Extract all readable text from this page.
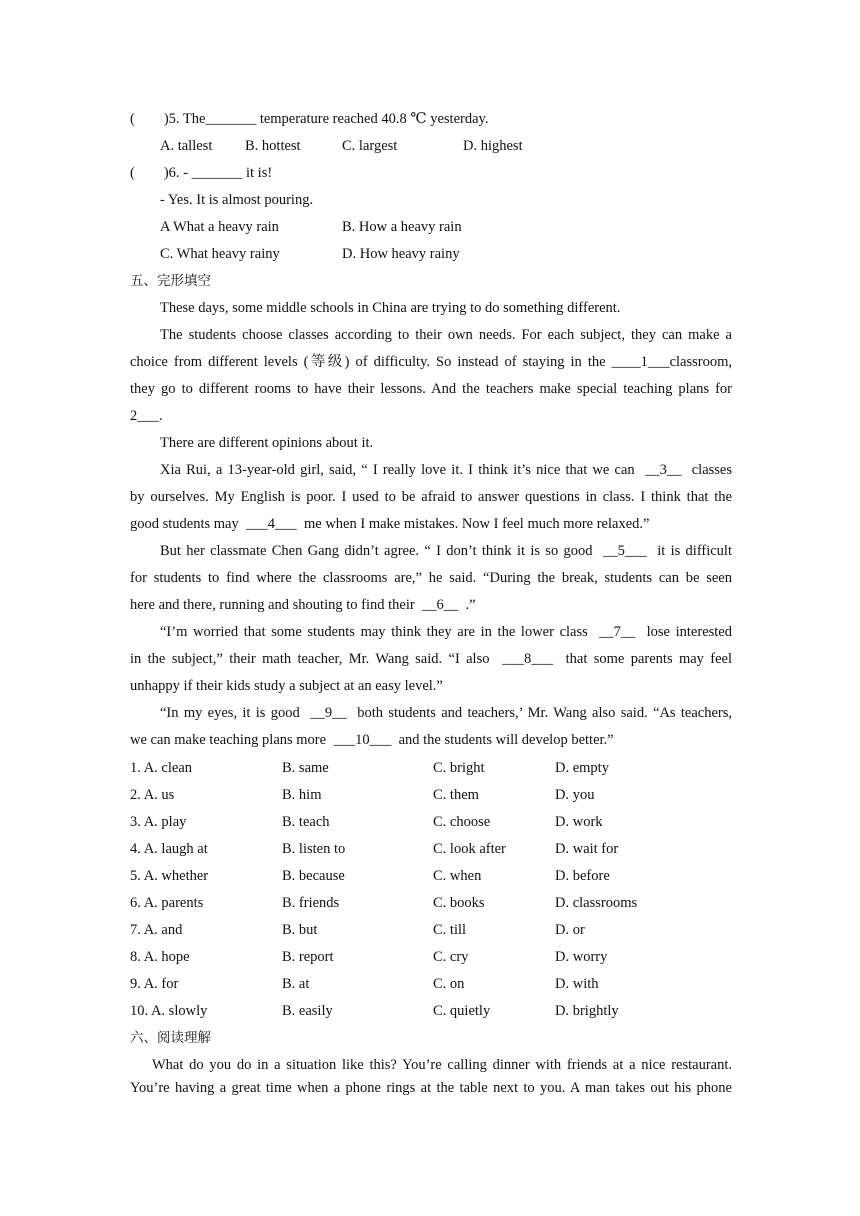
(        )5. The_______ temperature reached 40.8 ℃ yesterday.
A. tallest B. hottest	C. largest	D. highest
(        )6. - _______ it is!
- Yes. It is almost pouring.
A What a heavy rain	B. How a heavy rain
C. What heavy rainy	D. How heavy rainy
五、完形填空
These days, some middle schools in China are trying to do something different.
The students choose classes according to their own needs. For each subject, they can make a
choice from different levels (等级) of difficulty. So instead of staying in the ____1___classroom,
they go to different rooms to have their lessons. And the teachers make special teaching plans for
2___.
There are different opinions about it.
Xia Rui, a 13-year-old girl, said, “ I really love it. I think it’s nice that we can  __3__  classes
by ourselves. My English is poor. I used to be afraid to answer questions in class. I think that the
good students may  ___4___  me when I make mistakes. Now I feel much more relaxed.”
But her classmate Chen Gang didn’t agree. “ I don’t think it is so good  __5___  it is difficult
for students to find where the classrooms are,” he said. “During the break, students can be seen
here and there, running and shouting to find their  __6__  .”
“I’m worried that some students may think they are in the lower class  __7__  lose interested
in the subject,” their math teacher, Mr. Wang said. “I also  ___8___  that some parents may feel
unhappy if their kids study a subject at an easy level.”
“In my eyes, it is good  __9__  both students and teachers,’ Mr. Wang also said. “As teachers,
we can make teaching plans more  ___10___  and the students will develop better.”
1. A. clean	B. same	C. bright	D. empty
2. A. us	B. him	C. them	D. you
3. A. play	B. teach	C. choose	D. work
4. A. laugh at	B. listen to	C. look after	D. wait for
5. A. whether	B. because	C. when	D. before
6. A. parents	B. friends	C. books	D. classrooms
7. A. and	B. but	C. till	D. or
8. A. hope	B. report	C. cry	D. worry
9. A. for	B. at	C. on	D. with
10. A. slowly	B. easily	C. quietly	D. brightly
六、阅读理解
What do you do in a situation like this? You’re calling dinner with friends at a nice restaurant.
You’re having a great time when a phone rings at the table next to you. A man takes out his phone
